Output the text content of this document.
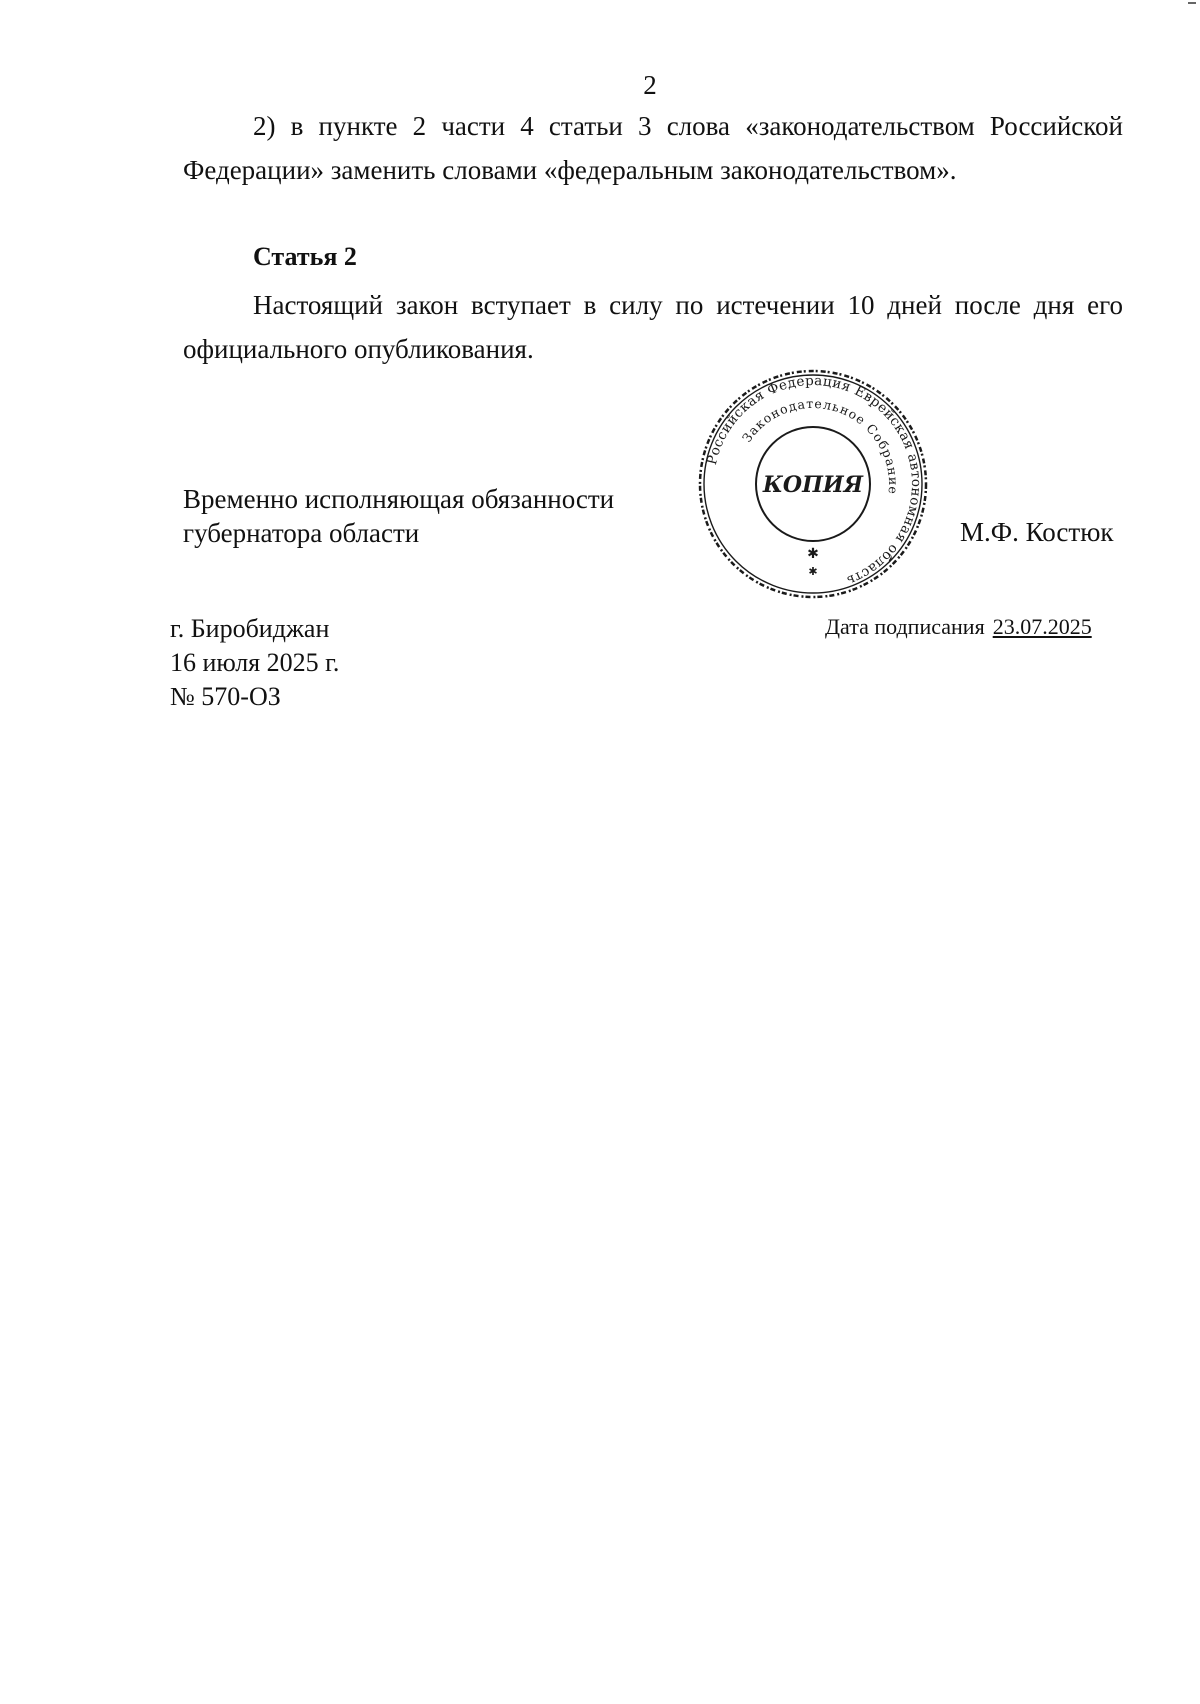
2

2) в пункте 2 части 4 статьи 3 слова «законодательством Российской Федерации» заменить словами «федеральным законодательством».

Статья 2

Настоящий закон вступает в силу по истечении 10 дней после дня его официального опубликования.

Временно исполняющая обязанности
губернатора области	М.Ф. Костюк
Российская Федерация Еврейская автономная область
Законодательное Собрание
КОПИЯ
✱
✱
г. Биробиджан
16 июля 2025 г.
№ 570-ОЗ
Дата подписания 23.07.2025
